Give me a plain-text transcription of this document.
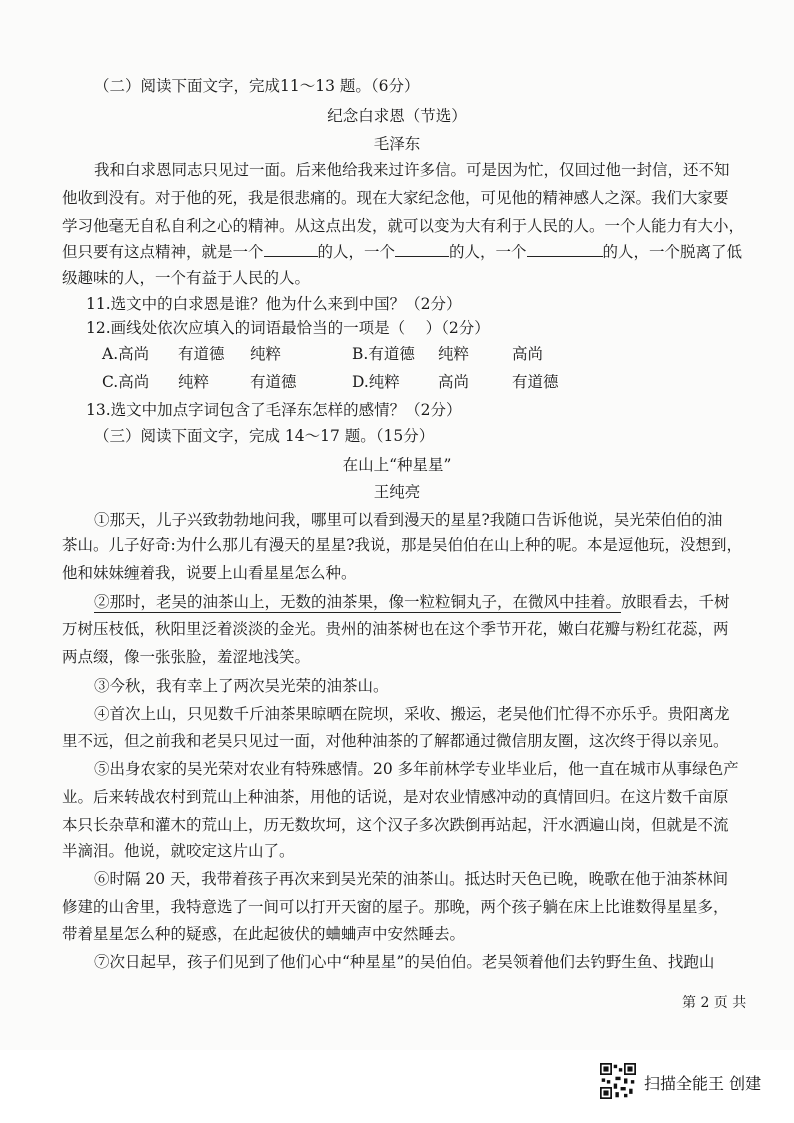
（二）阅读下面文字，完成11～13 题。（6分）
纪念白求恩（节选）
毛泽东
我和白求恩同志只见过一面。后来他给我来过许多信。可是因为忙，仅回过他一封信，还不知
他收到没有。对于他的死，我是很悲痛的。现在大家纪念他，可见他的精神感人之深。我们大家要
学习他毫无自私自利之心的精神。从这点出发，就可以变为大有利于人民的人。一个人能力有大小，
但只要有这点精神，就是一个	的人，一个	的人，一个	的人，一个脱离了低
级趣味的人，一个有益于人民的人。
11.选文中的白求恩是谁？他为什么来到中国？（2分）
12.画线处依次应填入的词语最恰当的一项是（　 ）（2分）
A.高尚 有道德 纯粹	B.有道德 纯粹	高尚
C.高尚 纯粹	有道德	D.纯粹 高尚	有道德
13.选文中加点字词包含了毛泽东怎样的感情？（2分）
（三）阅读下面文字，完成 14～17 题。（15分）
在山上“种星星”
王纯亮
①那天，儿子兴致勃勃地问我，哪里可以看到漫天的星星?我随口告诉他说，吴光荣伯伯的油
茶山。儿子好奇:为什么那儿有漫天的星星?我说，那是吴伯伯在山上种的呢。本是逗他玩，没想到，
他和妹妹缠着我，说要上山看星星怎么种。
②那时，老吴的油茶山上，无数的油茶果，像一粒粒铜丸子，在微风中挂着。放眼看去，千树
万树压枝低，秋阳里泛着淡淡的金光。贵州的油茶树也在这个季节开花，嫩白花瓣与粉红花蕊，两
两点缀，像一张张脸，羞涩地浅笑。
③今秋，我有幸上了两次吴光荣的油茶山。
④首次上山，只见数千斤油茶果晾晒在院坝，采收、搬运，老吴他们忙得不亦乐乎。贵阳离龙
里不远，但之前我和老吴只见过一面，对他种油茶的了解都通过微信朋友圈，这次终于得以亲见。
⑤出身农家的吴光荣对农业有特殊感情。20 多年前林学专业毕业后，他一直在城市从事绿色产
业。后来转战农村到荒山上种油茶，用他的话说，是对农业情感冲动的真情回归。在这片数千亩原
本只长杂草和灌木的荒山上，历无数坎坷，这个汉子多次跌倒再站起，汗水洒遍山岗，但就是不流
半滴泪。他说，就咬定这片山了。
⑥时隔 20 天，我带着孩子再次来到吴光荣的油茶山。抵达时天色已晚，晚歌在他于油茶林间
修建的山舍里，我特意选了一间可以打开天窗的屋子。那晚，两个孩子躺在床上比谁数得星星多，
带着星星怎么种的疑惑，在此起彼伏的蛐蛐声中安然睡去。
⑦次日起早，孩子们见到了他们心中“种星星”的吴伯伯。老吴领着他们去钓野生鱼、找跑山
第 2 页 共
扫描全能王 创建
